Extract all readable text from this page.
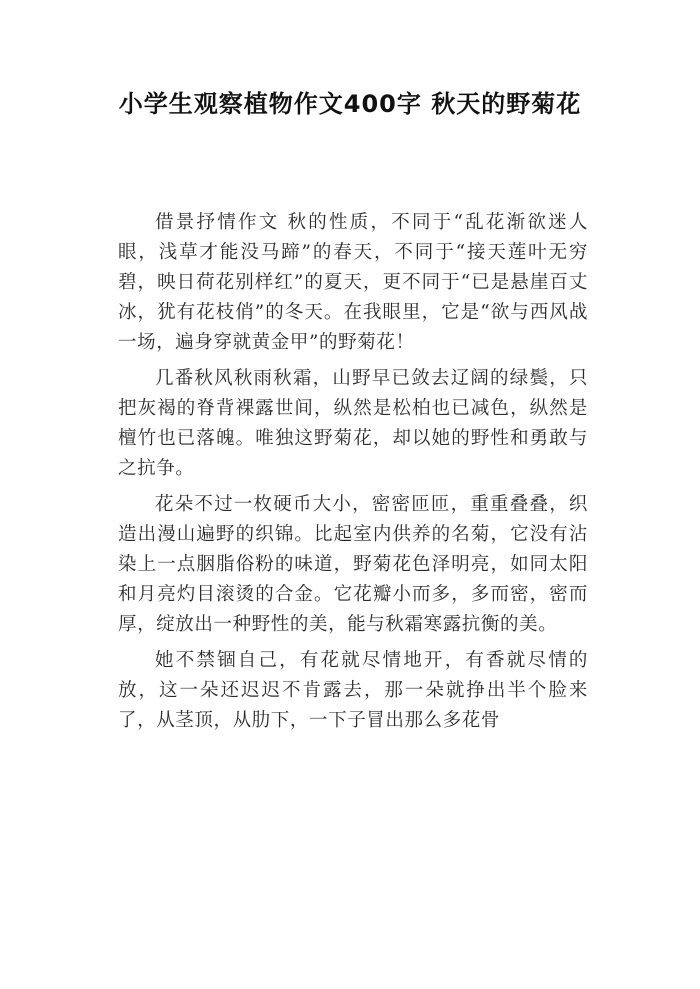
小学生观察植物作文400字 秋天的野菊花

借景抒情作文 秋的性质，不同于“乱花渐欲迷人眼，浅草才能没马蹄”的春天，不同于“接天莲叶无穷碧，映日荷花别样红”的夏天，更不同于“已是悬崖百丈冰，犹有花枝俏”的冬天。在我眼里，它是“欲与西风战一场，遍身穿就黄金甲”的野菊花！

几番秋风秋雨秋霜，山野早已敛去辽阔的绿鬓，只把灰褐的脊背裸露世间，纵然是松柏也已减色，纵然是檀竹也已落魄。唯独这野菊花，却以她的野性和勇敢与之抗争。

花朵不过一枚硬币大小，密密匝匝，重重叠叠，织造出漫山遍野的织锦。比起室内供养的名菊，它没有沾染上一点胭脂俗粉的味道，野菊花色泽明亮，如同太阳和月亮灼目滚烫的合金。它花瓣小而多，多而密，密而厚，绽放出一种野性的美，能与秋霜寒露抗衡的美。

她不禁锢自己，有花就尽情地开，有香就尽情的放，这一朵还迟迟不肯露去，那一朵就挣出半个脸来了，从茎顶，从肋下，一下子冒出那么多花骨
